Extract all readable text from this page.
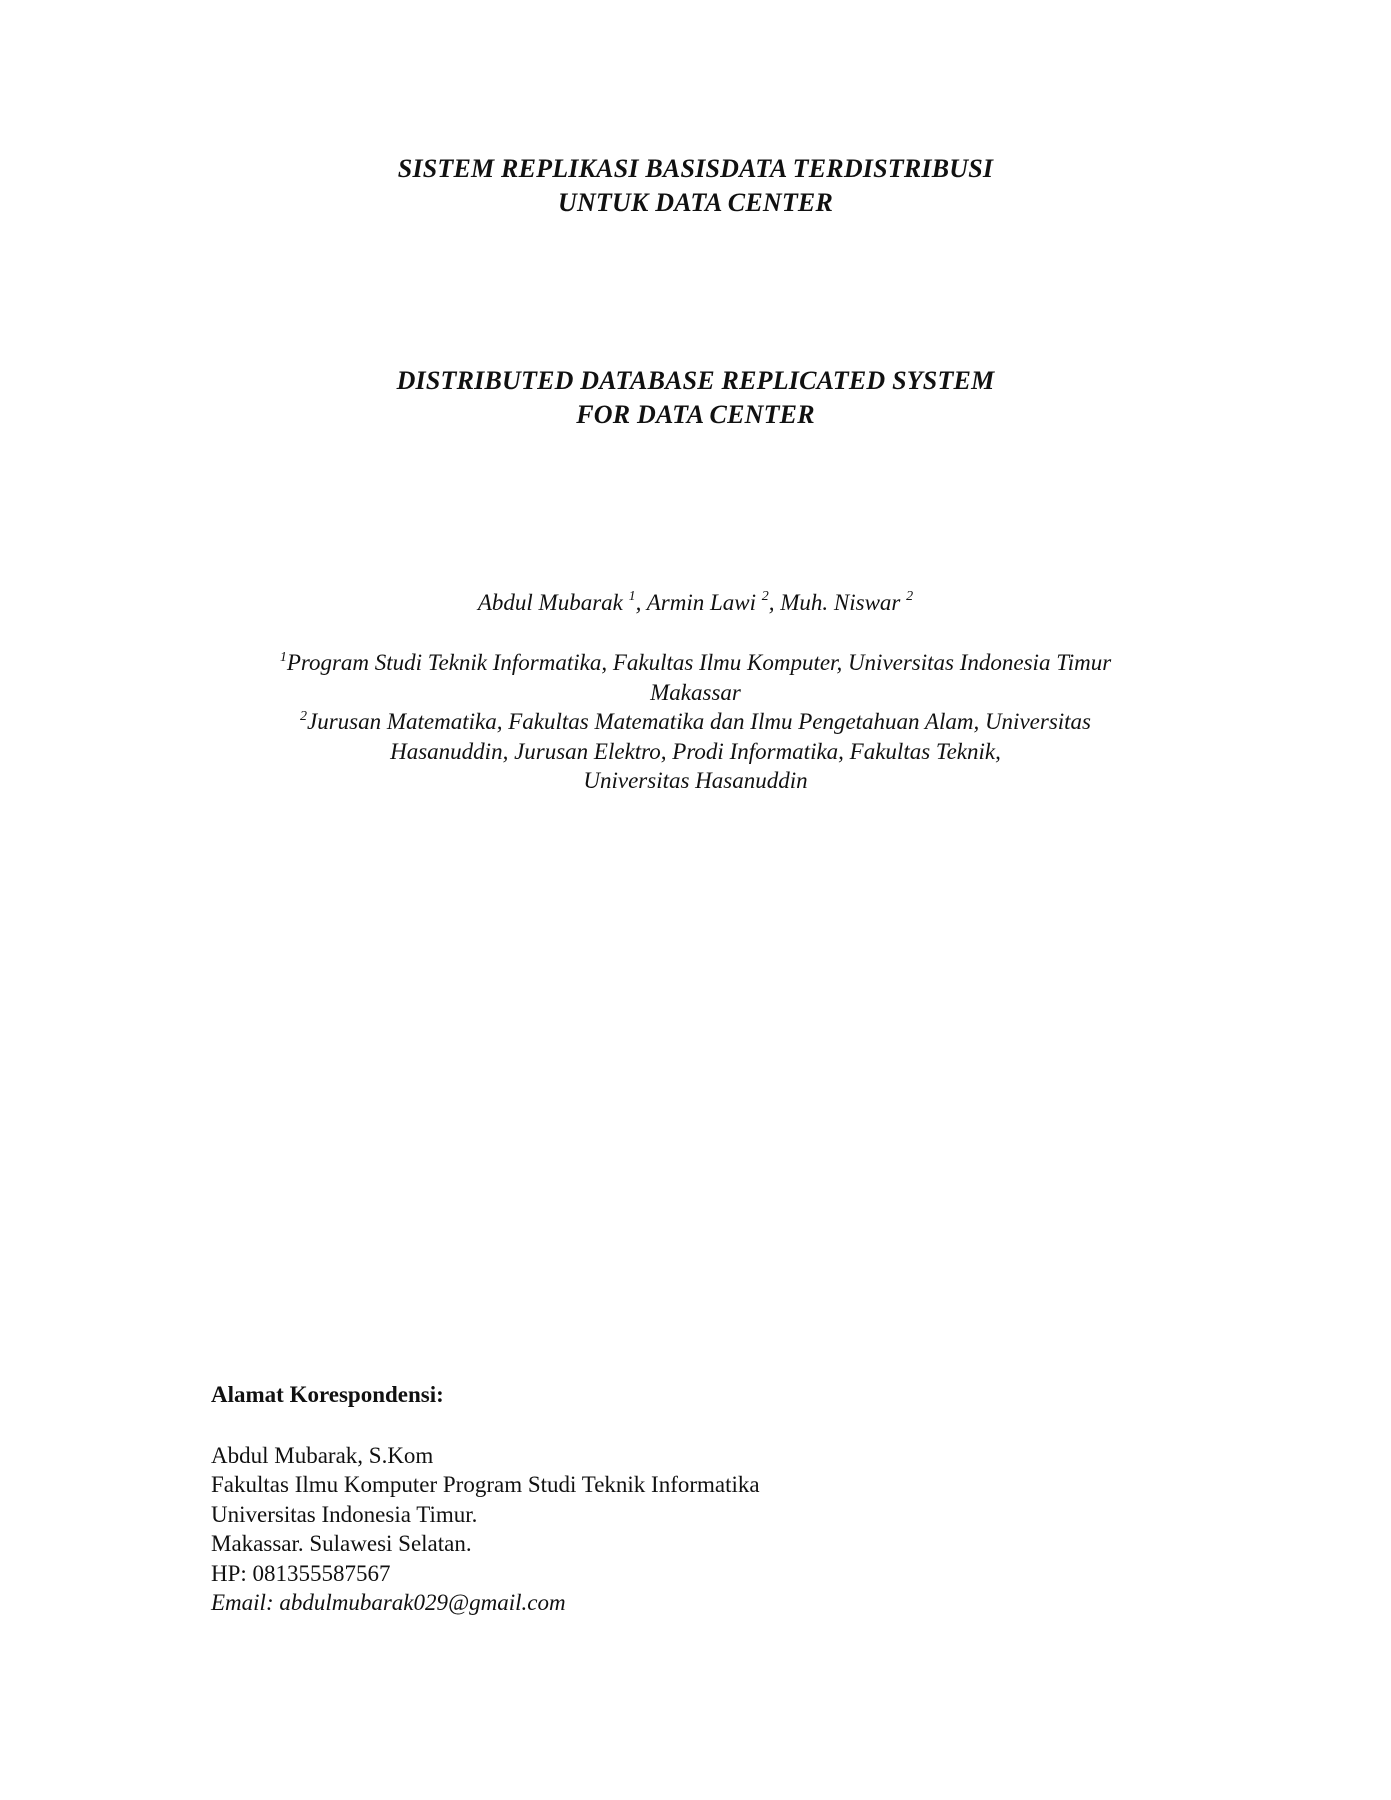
SISTEM REPLIKASI BASISDATA TERDISTRIBUSI
UNTUK DATA CENTER
DISTRIBUTED DATABASE REPLICATED SYSTEM
FOR DATA CENTER
Abdul Mubarak $^1$, Armin Lawi $^2$, Muh. Niswar $^2$
$^1$Program Studi Teknik Informatika, Fakultas Ilmu Komputer, Universitas Indonesia Timur
Makassar
$^2$Jurusan Matematika, Fakultas Matematika dan Ilmu Pengetahuan Alam, Universitas
Hasanuddin, Jurusan Elektro, Prodi Informatika, Fakultas Teknik,
Universitas Hasanuddin
Alamat Korespondensi:
Abdul Mubarak, S.Kom
Fakultas Ilmu Komputer Program Studi Teknik Informatika
Universitas Indonesia Timur.
Makassar. Sulawesi Selatan.
HP: 081355587567
Email: abdulmubarak029@gmail.com
